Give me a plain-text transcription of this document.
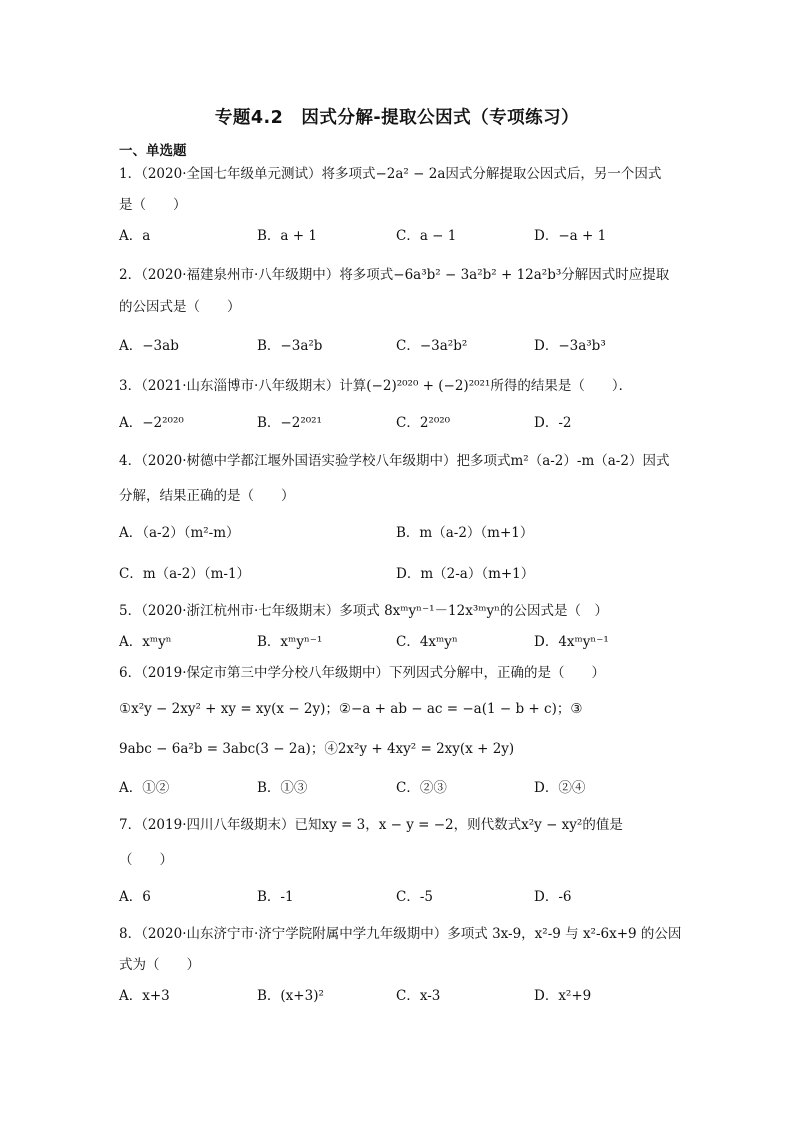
专题4.2　因式分解-提取公因式（专项练习）
一、单选题
1．（2020·全国七年级单元测试）将多项式−2a² − 2a因式分解提取公因式后，另一个因式
是（　　）
A．a	B．a + 1	C．a − 1	D．−a + 1
2．（2020·福建泉州市·八年级期中）将多项式−6a³b² − 3a²b² + 12a²b³分解因式时应提取
的公因式是（　　）
A．−3ab	B．−3a²b	C．−3a²b²	D．−3a³b³
3．（2021·山东淄博市·八年级期末）计算(−2)²⁰²⁰ + (−2)²⁰²¹所得的结果是（　　）．
A．−2²⁰²⁰	B．−2²⁰²¹	C．2²⁰²⁰	D．-2
4．（2020·树德中学都江堰外国语实验学校八年级期中）把多项式m²（a-2）-m（a-2）因式
分解，结果正确的是（　　）
A．（a-2）（m²-m）	B．m（a-2）（m+1）
C．m（a-2）（m-1）	D．m（2-a）（m+1）
5．（2020·浙江杭州市·七年级期末）多项式 8xᵐyⁿ⁻¹－12x³ᵐyⁿ的公因式是（　）
A．xᵐyⁿ	B．xᵐyⁿ⁻¹	C．4xᵐyⁿ	D．4xᵐyⁿ⁻¹
6．（2019·保定市第三中学分校八年级期中）下列因式分解中，正确的是（　　）
①x²y − 2xy² + xy = xy(x − 2y)；②−a + ab − ac = −a(1 − b + c)；③
9abc − 6a²b = 3abc(3 − 2a)；④2x²y + 4xy² = 2xy(x + 2y)
A．①②	B．①③	C．②③	D．②④
7．（2019·四川八年级期末）已知xy = 3，x − y = −2，则代数式x²y − xy²的值是
（　　）
A．6	B．-1	C．-5	D．-6
8．（2020·山东济宁市·济宁学院附属中学九年级期中）多项式 3x-9，x²-9 与 x²-6x+9 的公因
式为（　　）
A．x+3	B．(x+3)²	C．x-3	D．x²+9
